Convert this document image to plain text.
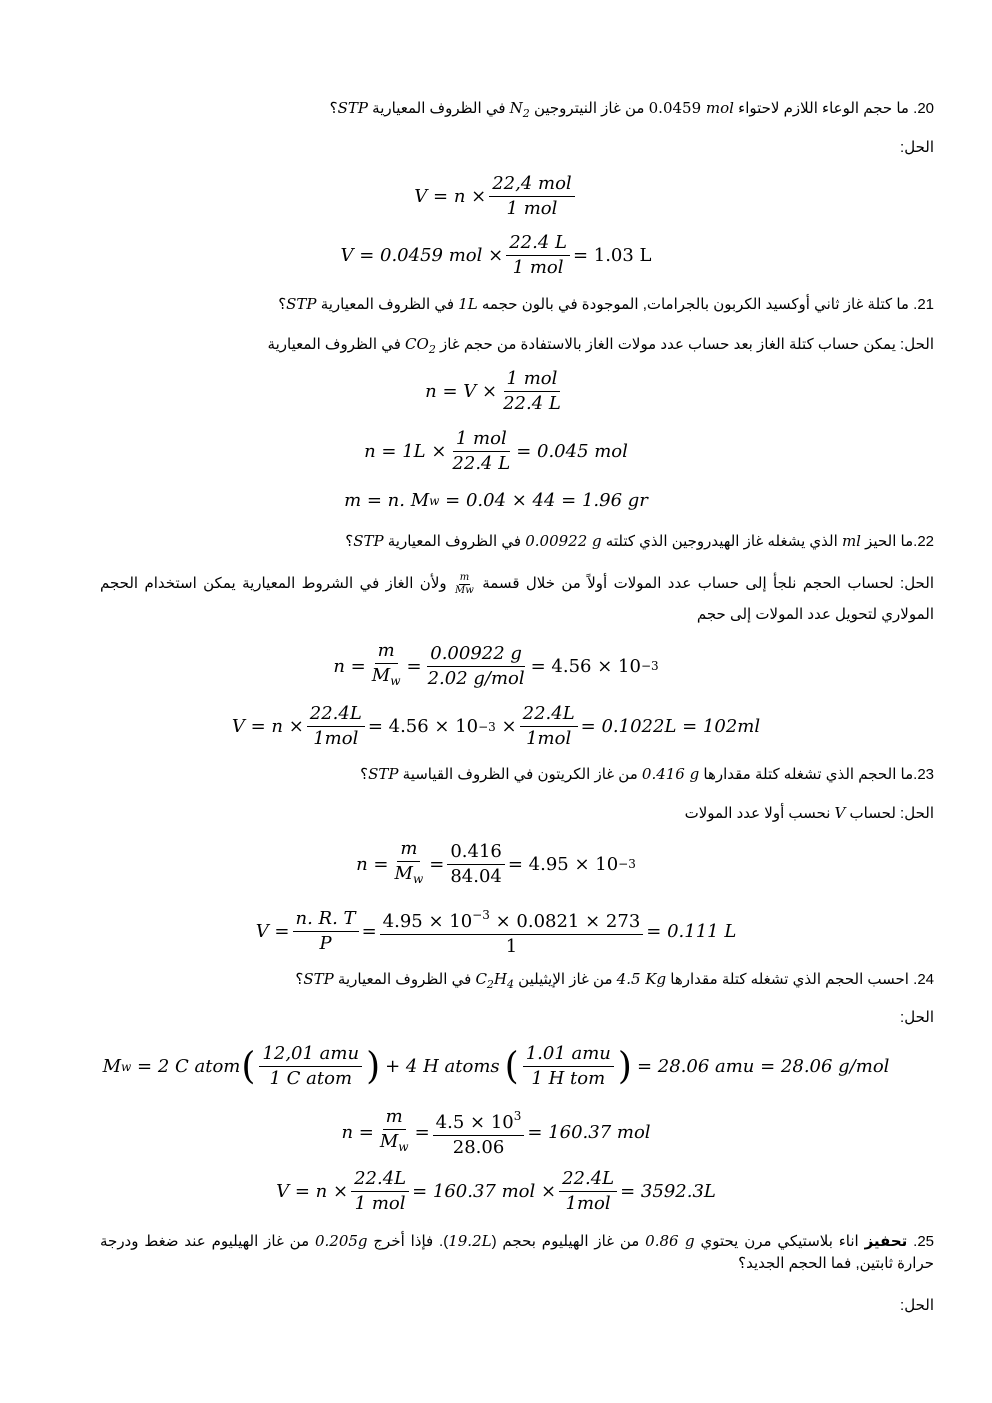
20. ما حجم الوعاء اللازم لاحتواء 0.0459 mol من غاز النيتروجين $N_2$ في الظروف المعيارية STP؟
الحل:
$V = n \times \frac{\text{22,4 mol}}{\text{1 mol}}$
V = 0.0459 mol × $\frac{22.4 L}{\text{1 mol}} = 1.03$ L
21. ما كتلة غاز ثاني أوكسيد الكربون بالجرامات, الموجودة في بالون حجمه 1L في الظروف المعيارية STP؟
الحل: يمكن حساب كتلة الغاز بعد حساب عدد مولات الغاز بالاستفادة من حجم غاز $CO_2$ في الظروف المعيارية
$n = V \times \frac{\text{1 mol}}{22.4 L}$
$n = 1L \times \frac{\text{1 mol}}{22.4 L} = 0.045$ mol
m = n. M w = 0.04 × 44 = 1.96 gr
22.ما الحيز ml الذي يشغله غاز الهيدروجين الذي كتلته 0.00922 g في الظروف المعيارية STP؟
الحل: لحساب الحجم نلجأ إلى حساب عدد المولات أولاً من خلال قسمة
$\frac{m}{Mw}$
ولأن الغاز في الشروط المعيارية يمكن استخدام الحجم المولاري لتحويل عدد المولات إلى حجم
$n = \frac{m}{M_w} = \frac{0.00922 g}{\text{2.02 g/mol}} = 4.56 \times 10 -3$
$V = n \times \frac{22.4L}{\text{1mol}} = 4.56 \times 10 -3 \times \frac{22.4L}{\text{1mol}} = 0.1022L = 102ml$
23.ما الحجم الذي تشغله كتلة مقدارها 0.416 g من غاز الكريتون في الظروف القياسية STP؟
الحل: لحساب V نحسب أولا عدد المولات
$n = \frac{m}{M_w} = \frac{0.416}{84.04} = 4.95 \times 10 -3$
$V = \frac{n. R. T}{P} = \frac{4.95 \times 10^{-3} \times 0.0821 \times 273}{1} = 0.111$ L
24. احسب الحجم الذي تشغله كتلة مقدارها 4.5 Kg من غاز الإيثيلين $C_2H_4$ في الظروف المعيارية STP؟
الحل:
M w = 2 C atom ( $\frac{\text{12,01 amu}}{\text{1 C atom}}$ ) + 4 H atoms ( $\frac{\text{1.01 amu}}{\text{1 H tom}}$ ) = 28.06 amu = 28.06 g/mol
$n = \frac{m}{M_w} = \frac{4.5 \times 10^3}{28.06} = 160.37$ mol
$V = n \times \frac{22.4L}{\text{1 mol}} = 160.37$ mol × $\frac{22.4L}{\text{1mol}} = 3592.3L$
25. تحفيز اناء بلاستيكي مرن يحتوي 0.86 g من غاز الهيليوم بحجم (19.2L). فإذا أخرج 0.205g من غاز الهيليوم عند ضغط ودرجة حرارة ثابتين, فما الحجم الجديد؟
الحل:
